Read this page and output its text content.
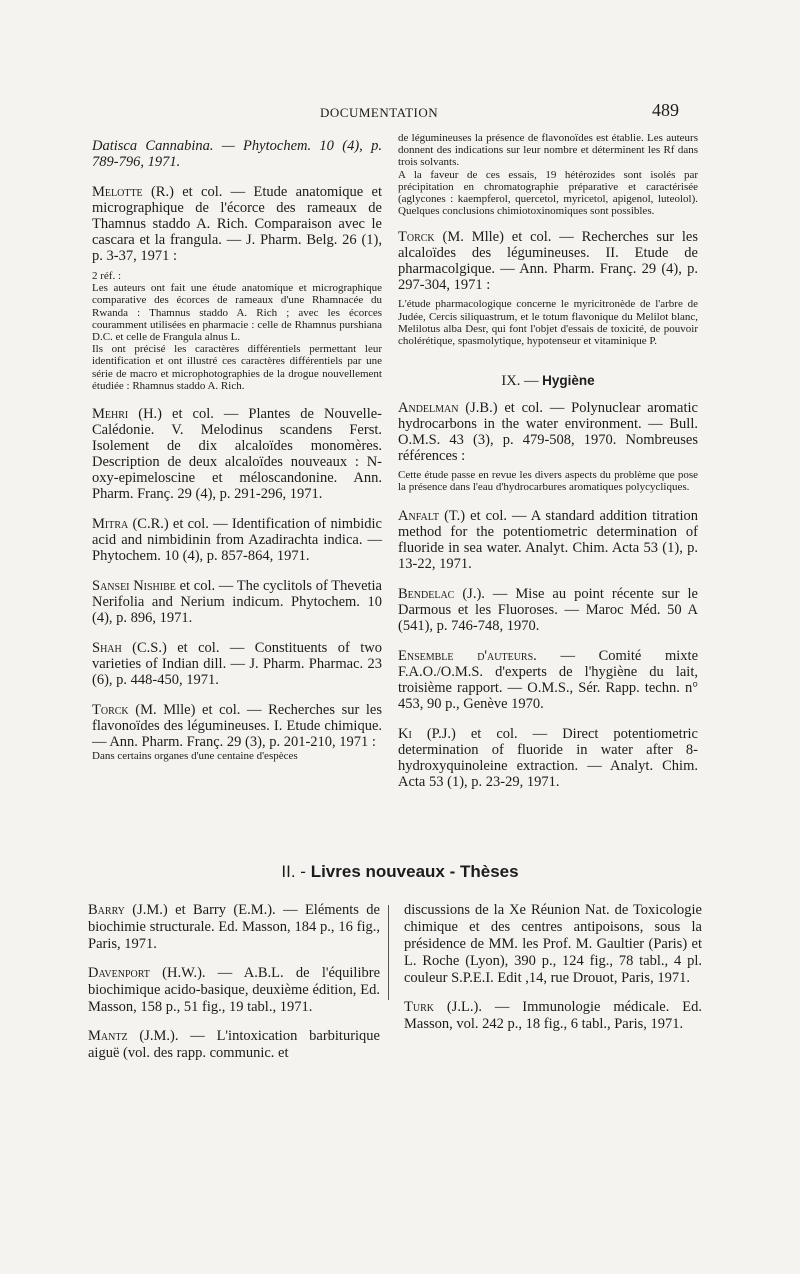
DOCUMENTATION	489
Datisca Cannabina. — Phytochem. 10 (4), p. 789-796, 1971.
Melotte (R.) et col. — Etude anatomique et micrographique de l'écorce des rameaux de Thamnus staddo A. Rich. Comparaison avec le cascara et la frangula. — J. Pharm. Belg. 26 (1), p. 3-37, 1971 :
2 réf. :
Les auteurs ont fait une étude anatomique et micrographique comparative des écorces de rameaux d'une Rhamnacée du Rwanda : Thamnus staddo A. Rich ; avec les écorces couramment utilisées en pharmacie : celle de Rhamnus purshiana D.C. et celle de Frangula alnus L.
Ils ont précisé les caractères différentiels permettant leur identification et ont illustré ces caractères différentiels par une série de macro et microphotographies de la drogue nouvellement étudiée : Rhamnus staddo A. Rich.
Mehri (H.) et col. — Plantes de Nouvelle-Calédonie. V. Melodinus scandens Ferst. Isolement de dix alcaloïdes monomères. Description de deux alcaloïdes nouveaux : N-oxy-epimeloscine et méloscandonine. Ann. Pharm. Franç. 29 (4), p. 291-296, 1971.
Mitra (C.R.) et col. — Identification of nimbidic acid and nimbidinin from Azadirachta indica. — Phytochem. 10 (4), p. 857-864, 1971.
Sansei Nishibe et col. — The cyclitols of Thevetia Nerifolia and Nerium indicum. Phytochem. 10 (4), p. 896, 1971.
Shah (C.S.) et col. — Constituents of two varieties of Indian dill. — J. Pharm. Pharmac. 23 (6), p. 448-450, 1971.
Torck (M. Mlle) et col. — Recherches sur les flavonoïdes des légumineuses. I. Etude chimique. — Ann. Pharm. Franç. 29 (3), p. 201-210, 1971 :
Dans certains organes d'une centaine d'espèces
de légumineuses la présence de flavonoïdes est établie. Les auteurs donnent des indications sur leur nombre et déterminent les Rf dans trois solvants.
A la faveur de ces essais, 19 hétérozides sont isolés par précipitation en chromatographie préparative et caractérisée (aglycones : kaempferol, quercetol, myricetol, apigenol, luteolol). Quelques conclusions chimiotoxinomiques sont possibles.
Torck (M. Mlle) et col. — Recherches sur les alcaloïdes des légumineuses. II. Etude de pharmacolgique. — Ann. Pharm. Franç. 29 (4), p. 297-304, 1971 :
L'étude pharmacologique concerne le myricitronède de l'arbre de Judée, Cercis siliquastrum, et le totum flavonique du Melilot blanc, Melilotus alba Desr, qui font l'objet d'essais de toxicité, de pouvoir cholérétique, spasmolytique, hypotenseur et vitaminique P.
IX. — Hygiène
Andelman (J.B.) et col. — Polynuclear aromatic hydrocarbons in the water environment. — Bull. O.M.S. 43 (3), p. 479-508, 1970. Nombreuses références :
Cette étude passe en revue les divers aspects du problème que pose la présence dans l'eau d'hydrocarbures aromatiques polycycliques.
Anfalt (T.) et col. — A standard addition titration method for the potentiometric determination of fluoride in sea water. Analyt. Chim. Acta 53 (1), p. 13-22, 1971.
Bendelac (J.). — Mise au point récente sur le Darmous et les Fluoroses. — Maroc Méd. 50 A (541), p. 746-748, 1970.
Ensemble d'auteurs. — Comité mixte F.A.O./O.M.S. d'experts de l'hygiène du lait, troisième rapport. — O.M.S., Sér. Rapp. techn. n° 453, 90 p., Genève 1970.
Ki (P.J.) et col. — Direct potentiometric determination of fluoride in water after 8-hydroxyquinoleine extraction. — Analyt. Chim. Acta 53 (1), p. 23-29, 1971.
II. - Livres nouveaux - Thèses
Barry (J.M.) et Barry (E.M.). — Eléments de biochimie structurale. Ed. Masson, 184 p., 16 fig., Paris, 1971.
Davenport (H.W.). — A.B.L. de l'équilibre biochimique acido-basique, deuxième édition, Ed. Masson, 158 p., 51 fig., 19 tabl., 1971.
Mantz (J.M.). — L'intoxication barbiturique aiguë (vol. des rapp. communic. et
discussions de la Xe Réunion Nat. de Toxicologie chimique et des centres antipoisons, sous la présidence de MM. les Prof. M. Gaultier (Paris) et L. Roche (Lyon), 390 p., 124 fig., 78 tabl., 4 pl. couleur S.P.E.I. Edit ,14, rue Drouot, Paris, 1971.
Turk (J.L.). — Immunologie médicale. Ed. Masson, vol. 242 p., 18 fig., 6 tabl., Paris, 1971.
